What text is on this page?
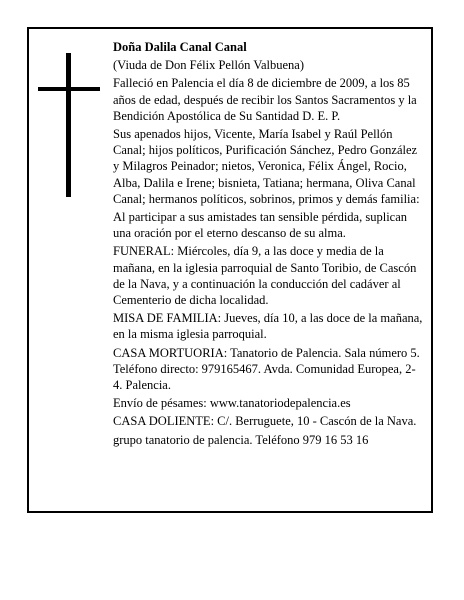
Doña Dalila Canal Canal

(Viuda de Don Félix Pellón Valbuena)

Falleció en Palencia el día 8 de diciembre de 2009, a los 85 años de edad, después de recibir los Santos Sacramentos y la Bendición Apostólica de Su Santidad D. E. P.

Sus apenados hijos, Vicente, María Isabel y Raúl Pellón Canal; hijos políticos, Purificación Sánchez, Pedro González y Milagros Peinador; nietos, Veronica, Félix Ángel, Rocio, Alba, Dalila e Irene; bisnieta, Tatiana; hermana, Oliva Canal Canal; hermanos políticos, sobrinos, primos y demás familia:

Al participar a sus amistades tan sensible pérdida, suplican una oración por el eterno descanso de su alma.

FUNERAL: Miércoles, día 9, a las doce y media de la mañana, en la iglesia parroquial de Santo Toribio, de Cascón de la Nava, y a continuación la conducción del cadáver al Cementerio de dicha localidad.

MISA DE FAMILIA: Jueves, día 10, a las doce de la mañana, en la misma iglesia parroquial.

CASA MORTUORIA: Tanatorio de Palencia. Sala número 5. Teléfono directo: 979165467. Avda. Comunidad Europea, 2-4. Palencia.

Envío de pésames: www.tanatoriodepalencia.es

CASA DOLIENTE: C/. Berruguete, 10 - Cascón de la Nava.

grupo tanatorio de palencia. Teléfono 979 16 53 16
